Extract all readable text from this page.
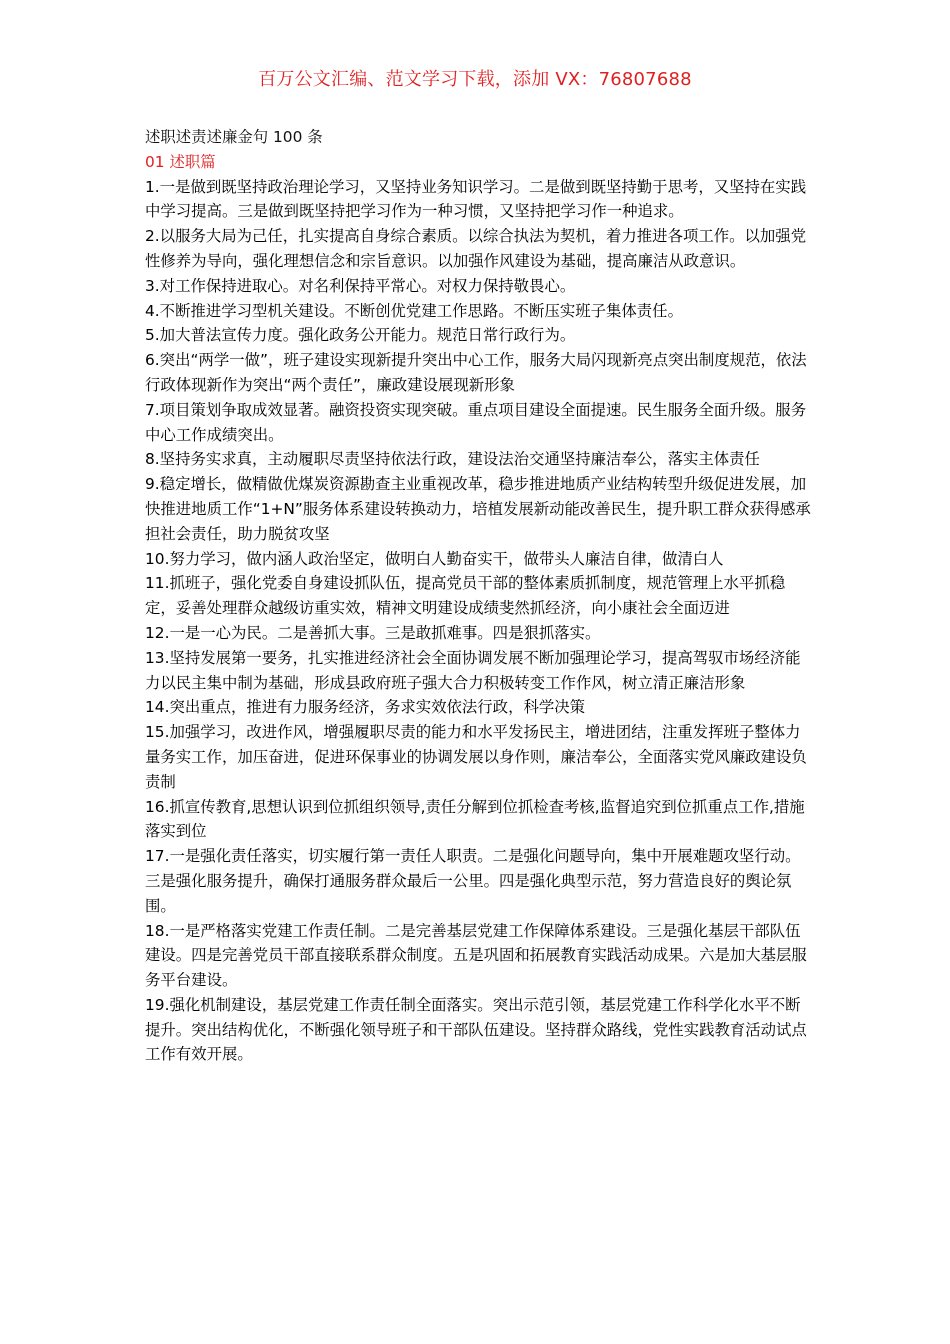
百万公文汇编、范文学习下载，添加 VX：76807688

述职述责述廉金句 100 条

01 述职篇

1.一是做到既坚持政治理论学习，又坚持业务知识学习。二是做到既坚持勤于思考，又坚持在实践中学习提高。三是做到既坚持把学习作为一种习惯，又坚持把学习作一种追求。

2.以服务大局为己任，扎实提高自身综合素质。以综合执法为契机，着力推进各项工作。以加强党性修养为导向，强化理想信念和宗旨意识。以加强作风建设为基础，提高廉洁从政意识。

3.对工作保持进取心。对名利保持平常心。对权力保持敬畏心。

4.不断推进学习型机关建设。不断创优党建工作思路。不断压实班子集体责任。

5.加大普法宣传力度。强化政务公开能力。规范日常行政行为。

6.突出“两学一做”，班子建设实现新提升突出中心工作，服务大局闪现新亮点突出制度规范，依法行政体现新作为突出“两个责任”，廉政建设展现新形象

7.项目策划争取成效显著。融资投资实现突破。重点项目建设全面提速。民生服务全面升级。服务中心工作成绩突出。

8.坚持务实求真，主动履职尽责坚持依法行政，建设法治交通坚持廉洁奉公，落实主体责任

9.稳定增长，做精做优煤炭资源勘查主业重视改革，稳步推进地质产业结构转型升级促进发展，加快推进地质工作“1+N”服务体系建设转换动力，培植发展新动能改善民生，提升职工群众获得感承担社会责任，助力脱贫攻坚

10.努力学习，做内涵人政治坚定，做明白人勤奋实干，做带头人廉洁自律，做清白人

11.抓班子，强化党委自身建设抓队伍，提高党员干部的整体素质抓制度，规范管理上水平抓稳定，妥善处理群众越级访重实效，精神文明建设成绩斐然抓经济，向小康社会全面迈进

12.一是一心为民。二是善抓大事。三是敢抓难事。四是狠抓落实。

13.坚持发展第一要务，扎实推进经济社会全面协调发展不断加强理论学习，提高驾驭市场经济能力以民主集中制为基础，形成县政府班子强大合力积极转变工作作风，树立清正廉洁形象

14.突出重点，推进有力服务经济，务求实效依法行政，科学决策

15.加强学习，改进作风，增强履职尽责的能力和水平发扬民主，增进团结，注重发挥班子整体力量务实工作，加压奋进，促进环保事业的协调发展以身作则，廉洁奉公，全面落实党风廉政建设负责制

16.抓宣传教育,思想认识到位抓组织领导,责任分解到位抓检查考核,监督追究到位抓重点工作,措施落实到位

17.一是强化责任落实，切实履行第一责任人职责。二是强化问题导向，集中开展难题攻坚行动。三是强化服务提升，确保打通服务群众最后一公里。四是强化典型示范，努力营造良好的舆论氛围。

18.一是严格落实党建工作责任制。二是完善基层党建工作保障体系建设。三是强化基层干部队伍建设。四是完善党员干部直接联系群众制度。五是巩固和拓展教育实践活动成果。六是加大基层服务平台建设。

19.强化机制建设，基层党建工作责任制全面落实。突出示范引领，基层党建工作科学化水平不断提升。突出结构优化，不断强化领导班子和干部队伍建设。坚持群众路线，党性实践教育活动试点工作有效开展。
